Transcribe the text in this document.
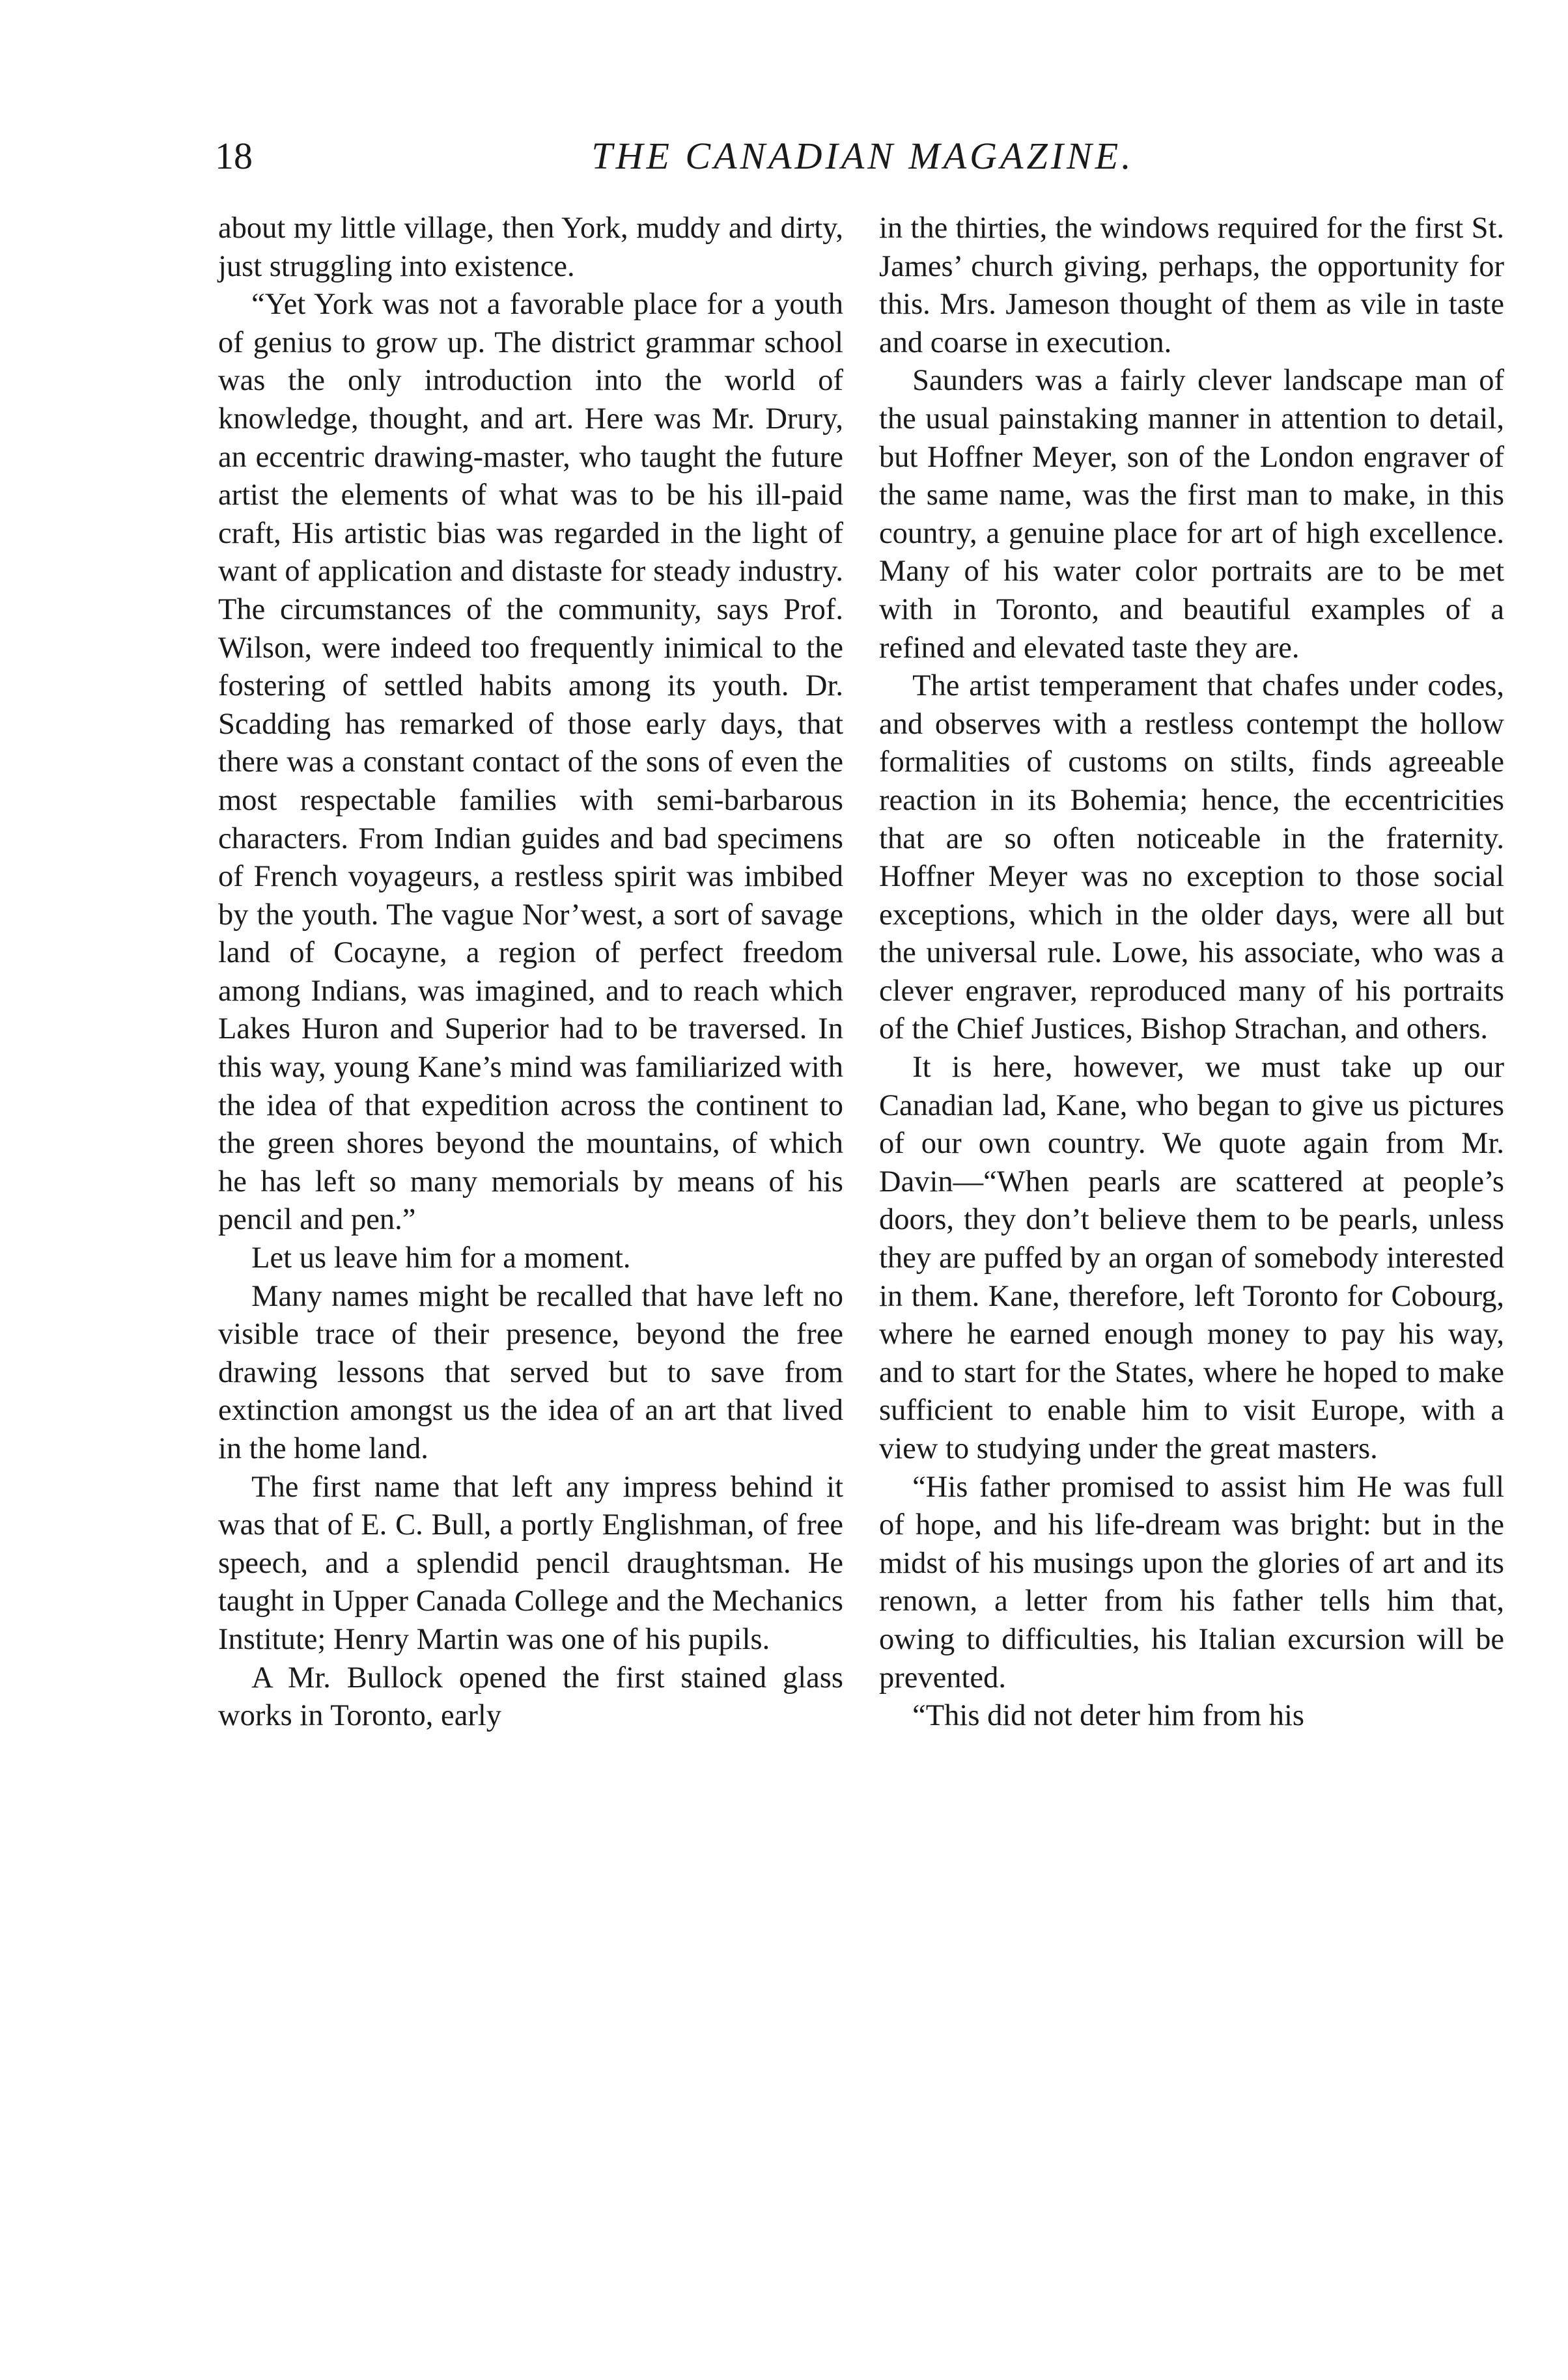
18	THE CANADIAN MAGAZINE.

about my little village, then York, muddy and dirty, just struggling into existence.

“Yet York was not a favorable place for a youth of genius to grow up. The district grammar school was the only introduction into the world of knowledge, thought, and art. Here was Mr. Drury, an eccentric drawing-master, who taught the future artist the elements of what was to be his ill-paid craft, His artistic bias was regarded in the light of want of application and distaste for steady industry. The circumstances of the community, says Prof. Wilson, were indeed too frequently inimical to the fostering of settled habits among its youth. Dr. Scadding has remarked of those early days, that there was a constant contact of the sons of even the most respectable families with semi-barbarous characters. From Indian guides and bad specimens of French voyageurs, a restless spirit was imbibed by the youth. The vague Nor’west, a sort of savage land of Cocayne, a region of perfect freedom among Indians, was imagined, and to reach which Lakes Huron and Superior had to be traversed. In this way, young Kane’s mind was familiarized with the idea of that expedition across the continent to the green shores beyond the mountains, of which he has left so many memorials by means of his pencil and pen.”

Let us leave him for a moment.

Many names might be recalled that have left no visible trace of their presence, beyond the free drawing lessons that served but to save from extinction amongst us the idea of an art that lived in the home land.

The first name that left any impress behind it was that of E. C. Bull, a portly Englishman, of free speech, and a splendid pencil draughtsman. He taught in Upper Canada College and the Mechanics Institute; Henry Martin was one of his pupils.

A Mr. Bullock opened the first stained glass works in Toronto, early

in the thirties, the windows required for the first St. James’ church giving, perhaps, the opportunity for this. Mrs. Jameson thought of them as vile in taste and coarse in execution.

Saunders was a fairly clever landscape man of the usual painstaking manner in attention to detail, but Hoffner Meyer, son of the London engraver of the same name, was the first man to make, in this country, a genuine place for art of high excellence. Many of his water color portraits are to be met with in Toronto, and beautiful examples of a refined and elevated taste they are.

The artist temperament that chafes under codes, and observes with a restless contempt the hollow formalities of customs on stilts, finds agreeable reaction in its Bohemia; hence, the eccentricities that are so often noticeable in the fraternity. Hoffner Meyer was no exception to those social exceptions, which in the older days, were all but the universal rule. Lowe, his associate, who was a clever engraver, reproduced many of his portraits of the Chief Justices, Bishop Strachan, and others.

It is here, however, we must take up our Canadian lad, Kane, who began to give us pictures of our own country. We quote again from Mr. Davin—“When pearls are scattered at people’s doors, they don’t believe them to be pearls, unless they are puffed by an organ of somebody interested in them. Kane, therefore, left Toronto for Cobourg, where he earned enough money to pay his way, and to start for the States, where he hoped to make sufficient to enable him to visit Europe, with a view to studying under the great masters.

“His father promised to assist him He was full of hope, and his life-dream was bright: but in the midst of his musings upon the glories of art and its renown, a letter from his father tells him that, owing to difficulties, his Italian excursion will be prevented.

“This did not deter him from his
